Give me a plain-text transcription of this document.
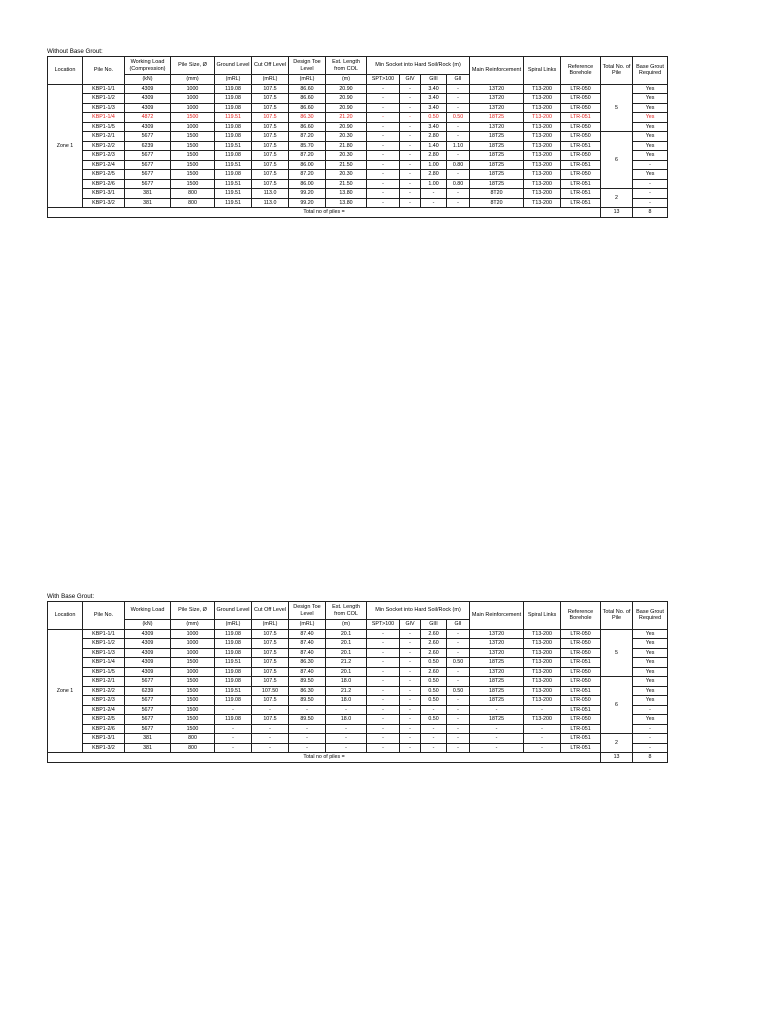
Without Base Grout:
Location	Pile No.	Working Load (Compression)	Pile Size, Ø	Ground Level	Cut Off Level	Design Toe Level	Est. Length from COL	Min Socket into Hard Soil/Rock (m)				Main Reinforcement	Spiral Links	Reference Borehole	Total No. of Pile	Base Grout Required
		(kN)	(mm)	(mRL)	(mRL)	(mRL)	(m)	SPT>100	GIV	GIII	GII					
Zone 1	KBP1-1/1	4309	1000	119.08	107.5	86.60	20.90	-	-	3.40	-	13T20	T13-200	LTR-050	5	Yes
	KBP1-1/2	4309	1000	119.08	107.5	86.60	20.90	-	-	3.40	-	13T20	T13-200	LTR-050		Yes
	KBP1-1/3	4309	1000	119.08	107.5	86.60	20.90	-	-	3.40	-	13T20	T13-200	LTR-050		Yes
	KBP1-1/4	4872	1500	119.51	107.5	86.30	21.20	-	-	0.50	0.50	18T25	T13-200	LTR-051		Yes
	KBP1-1/5	4309	1000	119.08	107.5	86.60	20.90	-	-	3.40	-	13T20	T13-200	LTR-050		Yes
	KBP1-2/1	5677	1500	119.08	107.5	87.20	20.30	-	-	2.80	-	18T25	T13-200	LTR-050	6	Yes
	KBP1-2/2	6239	1500	119.51	107.5	85.70	21.80	-	-	1.40	1.10	18T25	T13-200	LTR-051		Yes
	KBP1-2/3	5677	1500	119.08	107.5	87.20	20.30	-	-	2.80	-	18T25	T13-200	LTR-050		Yes
	KBP1-2/4	5677	1500	119.51	107.5	86.00	21.50	-	-	1.00	0.80	18T25	T13-200	LTR-051		-
	KBP1-2/5	5677	1500	119.08	107.5	87.20	20.30	-	-	2.80	-	18T25	T13-200	LTR-050		Yes
	KBP1-2/6	5677	1500	119.51	107.5	86.00	21.50	-	-	1.00	0.80	18T25	T13-200	LTR-051		-
	KBP1-3/1	381	800	119.51	113.0	99.20	13.80	-	-	-	-	8T20	T13-200	LTR-051	2	-
	KBP1-3/2	381	800	119.51	113.0	99.20	13.80	-	-	-	-	8T20	T13-200	LTR-051		-
Total no of piles =															13	8
With Base Grout:
Location	Pile No.	Working Load	Pile Size, Ø	Ground Level	Cut Off Level	Design Toe Level	Est. Length from COL	Min Socket into Hard Soil/Rock (m)				Main Reinforcement	Spiral Links	Reference Borehole	Total No. of Pile	Base Grout Required
		(kN)	(mm)	(mRL)	(mRL)	(mRL)	(m)	SPT>100	GIV	GIII	GII					
Zone 1	KBP1-1/1	4309	1000	119.08	107.5	87.40	20.1	-	-	2.60	-	13T20	T13-200	LTR-050	5	Yes
	KBP1-1/2	4309	1000	119.08	107.5	87.40	20.1	-	-	2.60	-	13T20	T13-200	LTR-050		Yes
	KBP1-1/3	4309	1000	119.08	107.5	87.40	20.1	-	-	2.60	-	13T20	T13-200	LTR-050		Yes
	KBP1-1/4	4309	1500	119.51	107.5	86.30	21.2	-	-	0.50	0.50	18T25	T13-200	LTR-051		Yes
	KBP1-1/5	4309	1000	119.08	107.5	87.40	20.1	-	-	2.60	-	13T20	T13-200	LTR-050		Yes
	KBP1-2/1	5677	1500	119.08	107.5	89.50	18.0	-	-	0.50	-	18T25	T13-200	LTR-050	6	Yes
	KBP1-2/2	6239	1500	119.51	107.50	86.30	21.2	-	-	0.50	0.50	18T25	T13-200	LTR-051		Yes
	KBP1-2/3	5677	1500	119.08	107.5	89.50	18.0	-	-	0.50	-	18T25	T13-200	LTR-050		Yes
	KBP1-2/4	5677	1500	-	-	-	-	-	-	-	-	-	-	LTR-051		-
	KBP1-2/5	5677	1500	119.08	107.5	89.50	18.0	-	-	0.50	-	18T25	T13-200	LTR-050		Yes
	KBP1-2/6	5677	1500	-	-	-	-	-	-	-	-	-	-	LTR-051		-
	KBP1-3/1	381	800	-	-	-	-	-	-	-	-	-	-	LTR-051	2	-
	KBP1-3/2	381	800	-	-	-	-	-	-	-	-	-	-	LTR-051		-
Total no of piles =															13	8
